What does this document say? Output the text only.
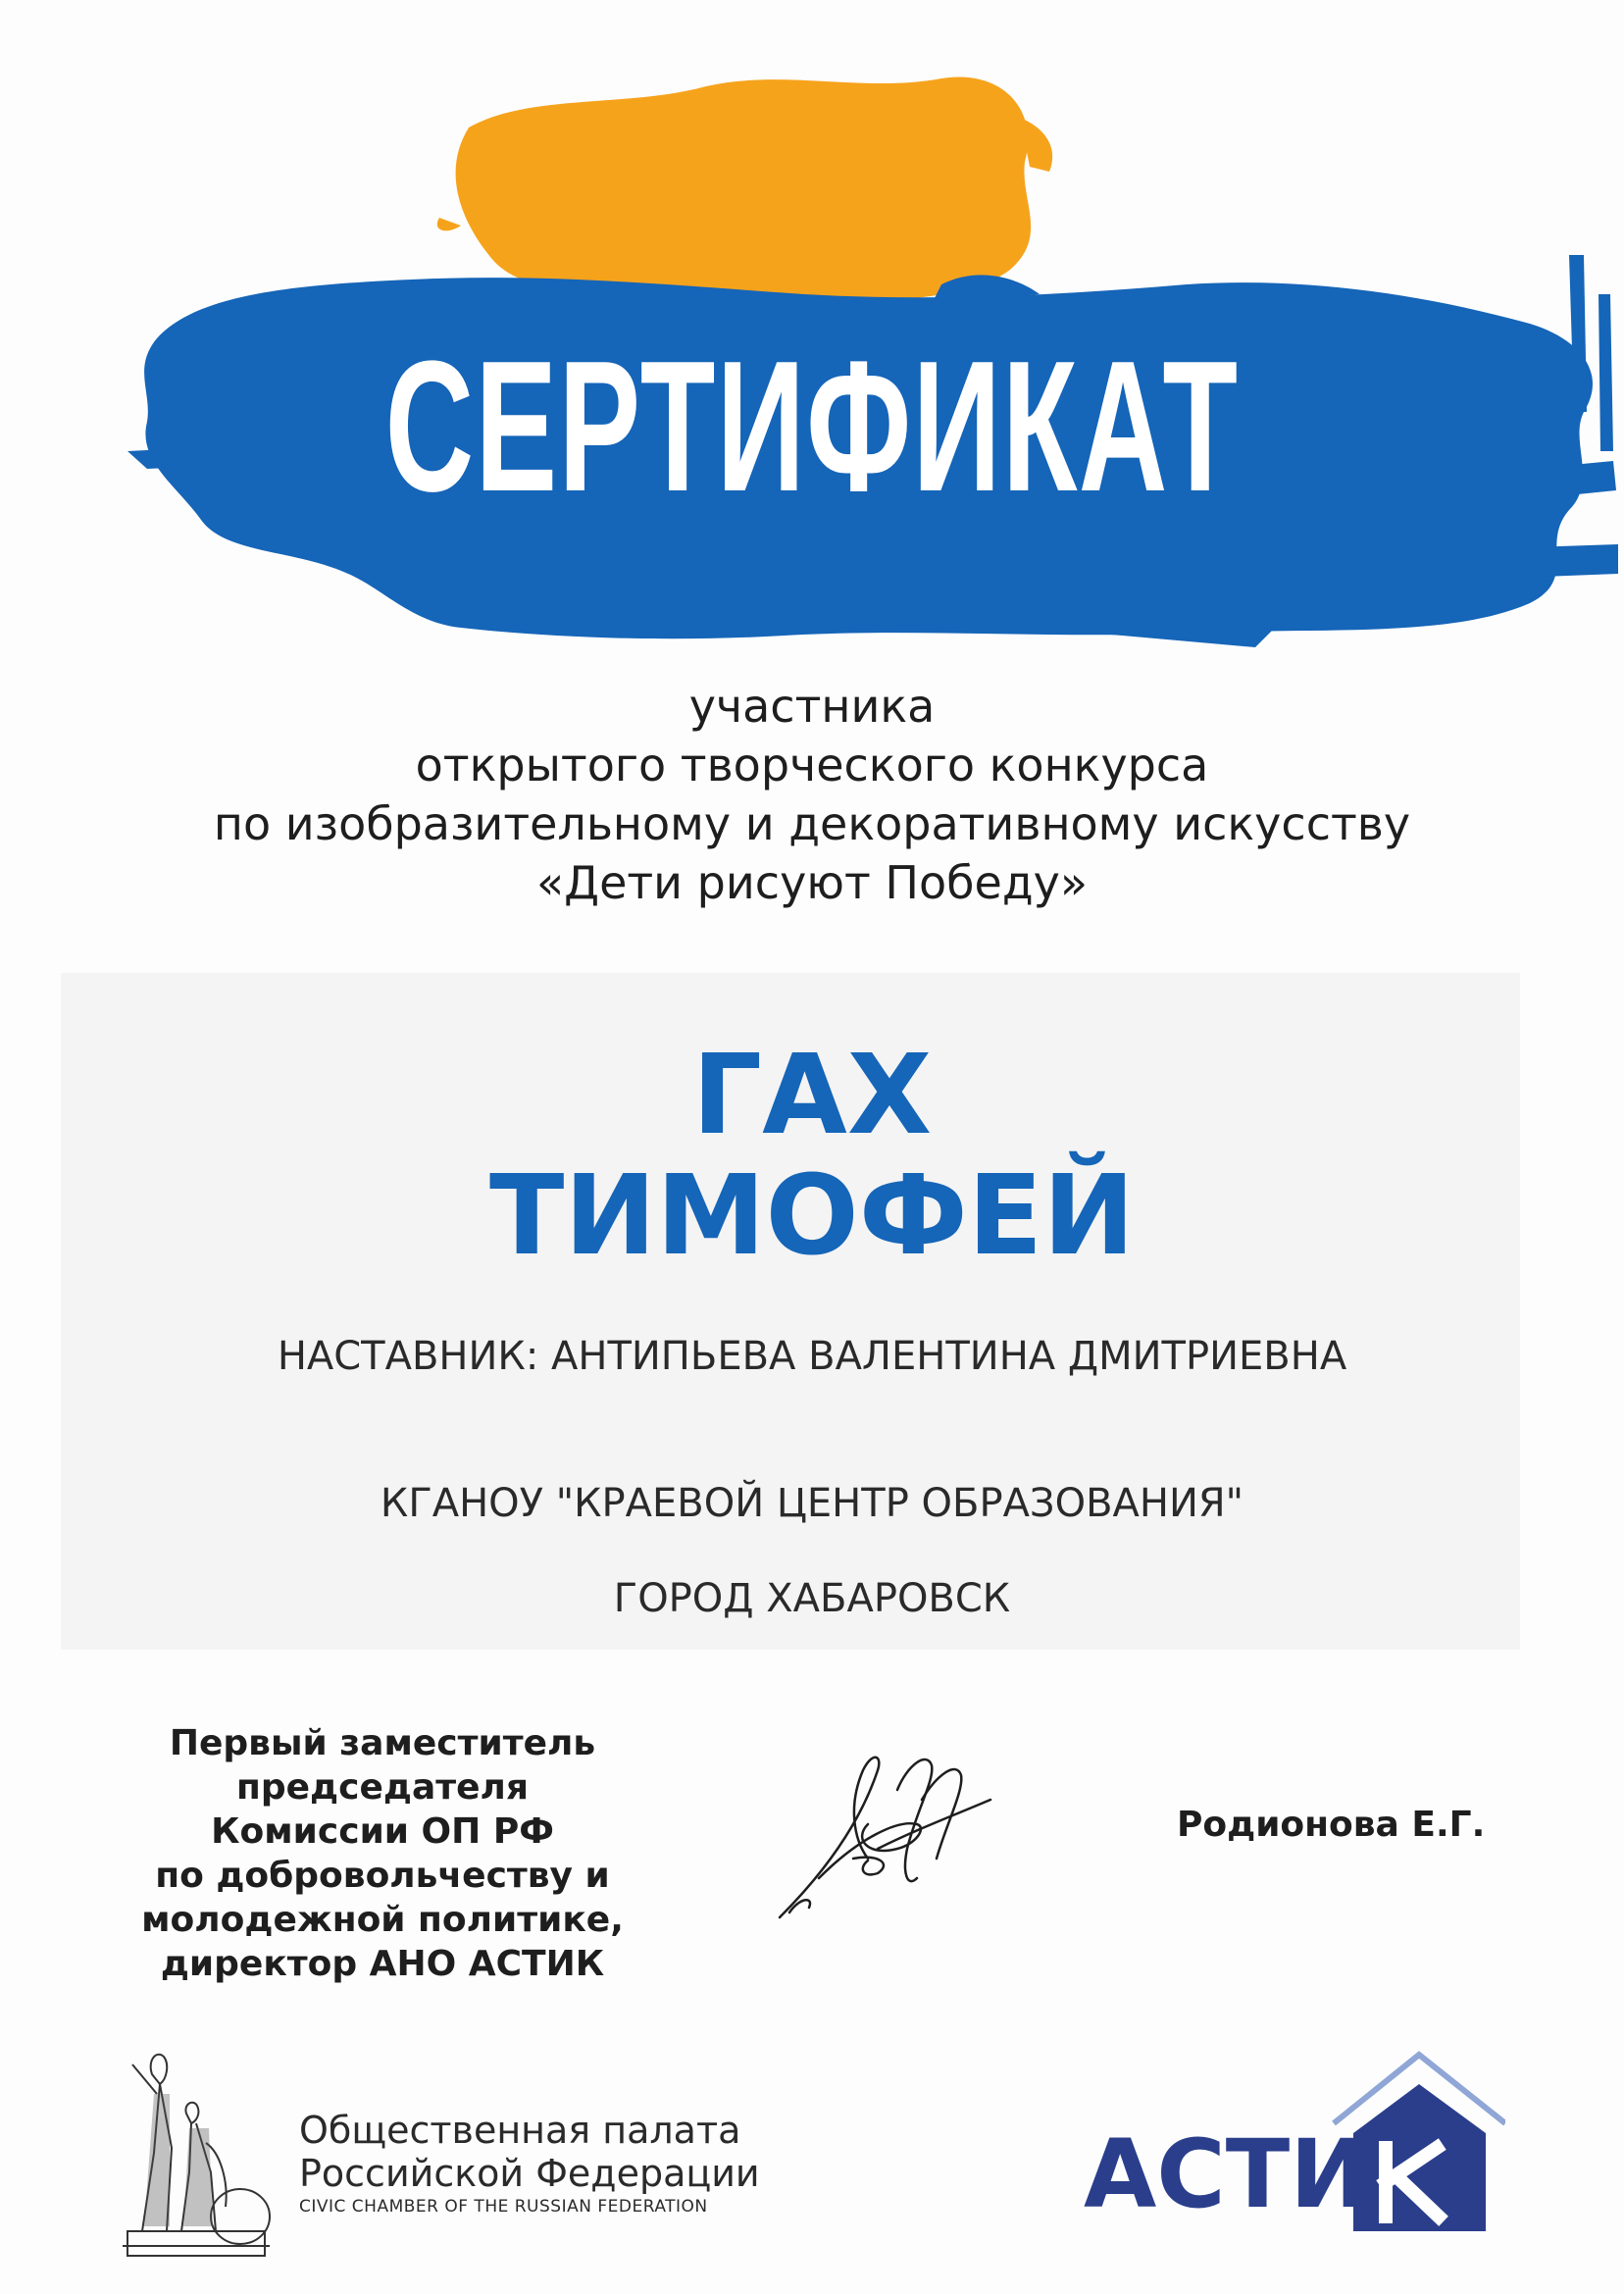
СЕРТИФИКАТ
участника
открытого творческого конкурса
по изобразительному и декоративному искусству
«Дети рисуют Победу»
ГАХ
ТИМОФЕЙ
НАСТАВНИК: АНТИПЬЕВА ВАЛЕНТИНА ДМИТРИЕВНА
КГАНОУ "КРАЕВОЙ ЦЕНТР ОБРАЗОВАНИЯ"
ГОРОД ХАБАРОВСК
Первый заместитель
председателя
Комиссии ОП РФ
по добровольчеству и
молодежной политике,
директор АНО АСТИК
Родионова Е.Г.
Общественная палата
Российской Федерации
CIVIC CHAMBER OF THE RUSSIAN FEDERATION	АСТИ
